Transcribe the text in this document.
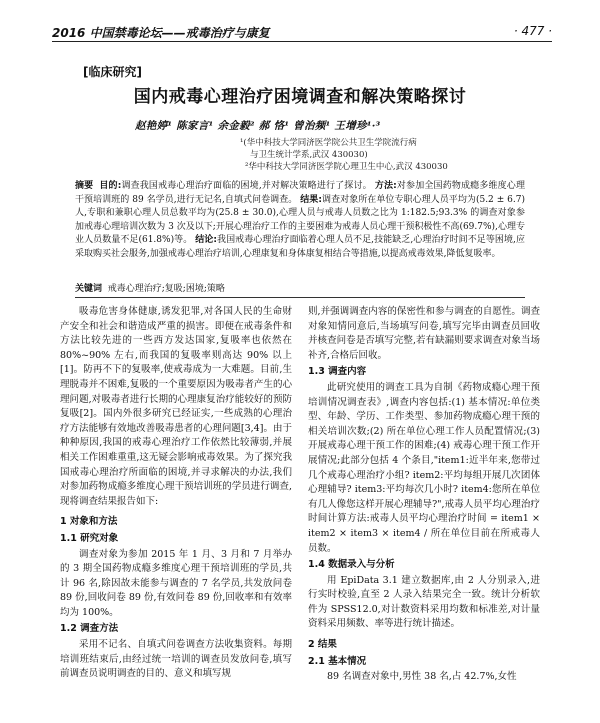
2016 中国禁毒论坛——戒毒治疗与康复	· 477 ·
[临床研究]
国内戒毒心理治疗困境调查和解决策略探讨
赵艳婷¹ 陈家言¹ 余金毅² 郝 恪¹ 曾治频¹ 王增珍¹·³
¹(华中科技大学同济医学院公共卫生学院流行病
与卫生统计学系,武汉 430030)
²华中科技大学同济医学院心理卫生中心,武汉 430030
摘要 目的:调查我国戒毒心理治疗面临的困境,并对解决策略进行了探讨。 方法:对参加全国药物成瘾多维度心理干预培训班的 89 名学员,进行无记名,自填式问卷调查。 结果:调查对象所在单位专职心理人员平均为(5.2 ± 6.7)人,专职和兼职心理人员总数平均为(25.8 ± 30.0),心理人员与戒毒人员数之比为 1:182.5;93.3% 的调查对象参加戒毒心理培训次数为 3 次及以下;开展心理治疗工作的主要困难为戒毒人员心理干预积极性不高(69.7%),心理专业人员数量不足(61.8%)等。 结论:我国戒毒心理治疗面临着心理人员不足,技能缺乏,心理治疗时间不足等困境,应采取购买社会服务,加强戒毒心理治疗培训,心理康复和身体康复相结合等措施,以提高戒毒效果,降低复吸率。
关键词 戒毒心理治疗;复吸;困境;策略

吸毒危害身体健康,诱发犯罪,对各国人民的生命财产安全和社会和谐造成严重的损害。即便在戒毒条件和方法比较先进的一些西方发达国家,复吸率也依然在 80%~90% 左右,而我国的复吸率则高达 90% 以上[1]。防再不下的复吸率,使戒毒成为一大难题。目前,生理脱毒并不困难,复吸的一个重要原因为吸毒者产生的心理问题,对吸毒者进行长期的心理康复治疗能较好的预防复吸[2]。国内外很多研究已经证实,一些成熟的心理治疗方法能够有效地改善吸毒患者的心理问题[3,4]。由于种种原因,我国的戒毒心理治疗工作依然比较薄弱,并展相关工作困难重重,这无疑会影响戒毒效果。为了探究我国戒毒心理治疗所面临的困境,并寻求解决的办法,我们对参加药物成瘾多维度心理干预培训班的学员进行调查,现将调查结果报告如下:

1 对象和方法
1.1 研究对象

调查对象为参加 2015 年 1 月、3 月和 7 月举办的 3 期全国药物成瘾多维度心理干预培训班的学员,共计 96 名,除因故未能参与调查的 7 名学员,共发放问卷 89 份,回收问卷 89 份,有效问卷 89 份,回收率和有效率均为 100%。

1.2 调查方法

采用不记名、自填式问卷调查方法收集资料。每期培训班结束后,由经过统一培训的调查员发放问卷,填写前调查员说明调查的目的、意义和填写规

则,并强调调查内容的保密性和参与调查的自愿性。调查对象知情同意后,当场填写问卷,填写完毕由调查员回收并核查问卷是否填写完整,若有缺漏则要求调查对象当场补齐,合格后回收。

1.3 调查内容

此研究使用的调查工具为自制《药物成瘾心理干预培训情况调查表》,调查内容包括:(1) 基本情况:单位类型、年龄、学历、工作类型、参加药物成瘾心理干预的相关培训次数;(2) 所在单位心理工作人员配置情况;(3) 开展戒毒心理干预工作的困难;(4) 戒毒心理干预工作开展情况;此部分包括 4 个条目,"item1:近半年来,您带过几个戒毒心理治疗小组? item2:平均每组开展几次团体心理辅导? item3:平均每次几小时? item4:您所在单位有几人像您这样开展心理辅导?",戒毒人员平均心理治疗时间计算方法:戒毒人员平均心理治疗时间 = item1 × item2 × item3 × item4 / 所在单位目前在所戒毒人员数。

1.4 数据录入与分析

用 EpiData 3.1 建立数据库,由 2 人分别录入,进行实时校验,直至 2 人录入结果完全一致。统计分析软件为 SPSS12.0,对计数资料采用均数和标准差,对计量资料采用频数、率等进行统计描述。

2 结果
2.1 基本情况

89 名调查对象中,男性 38 名,占 42.7%,女性
